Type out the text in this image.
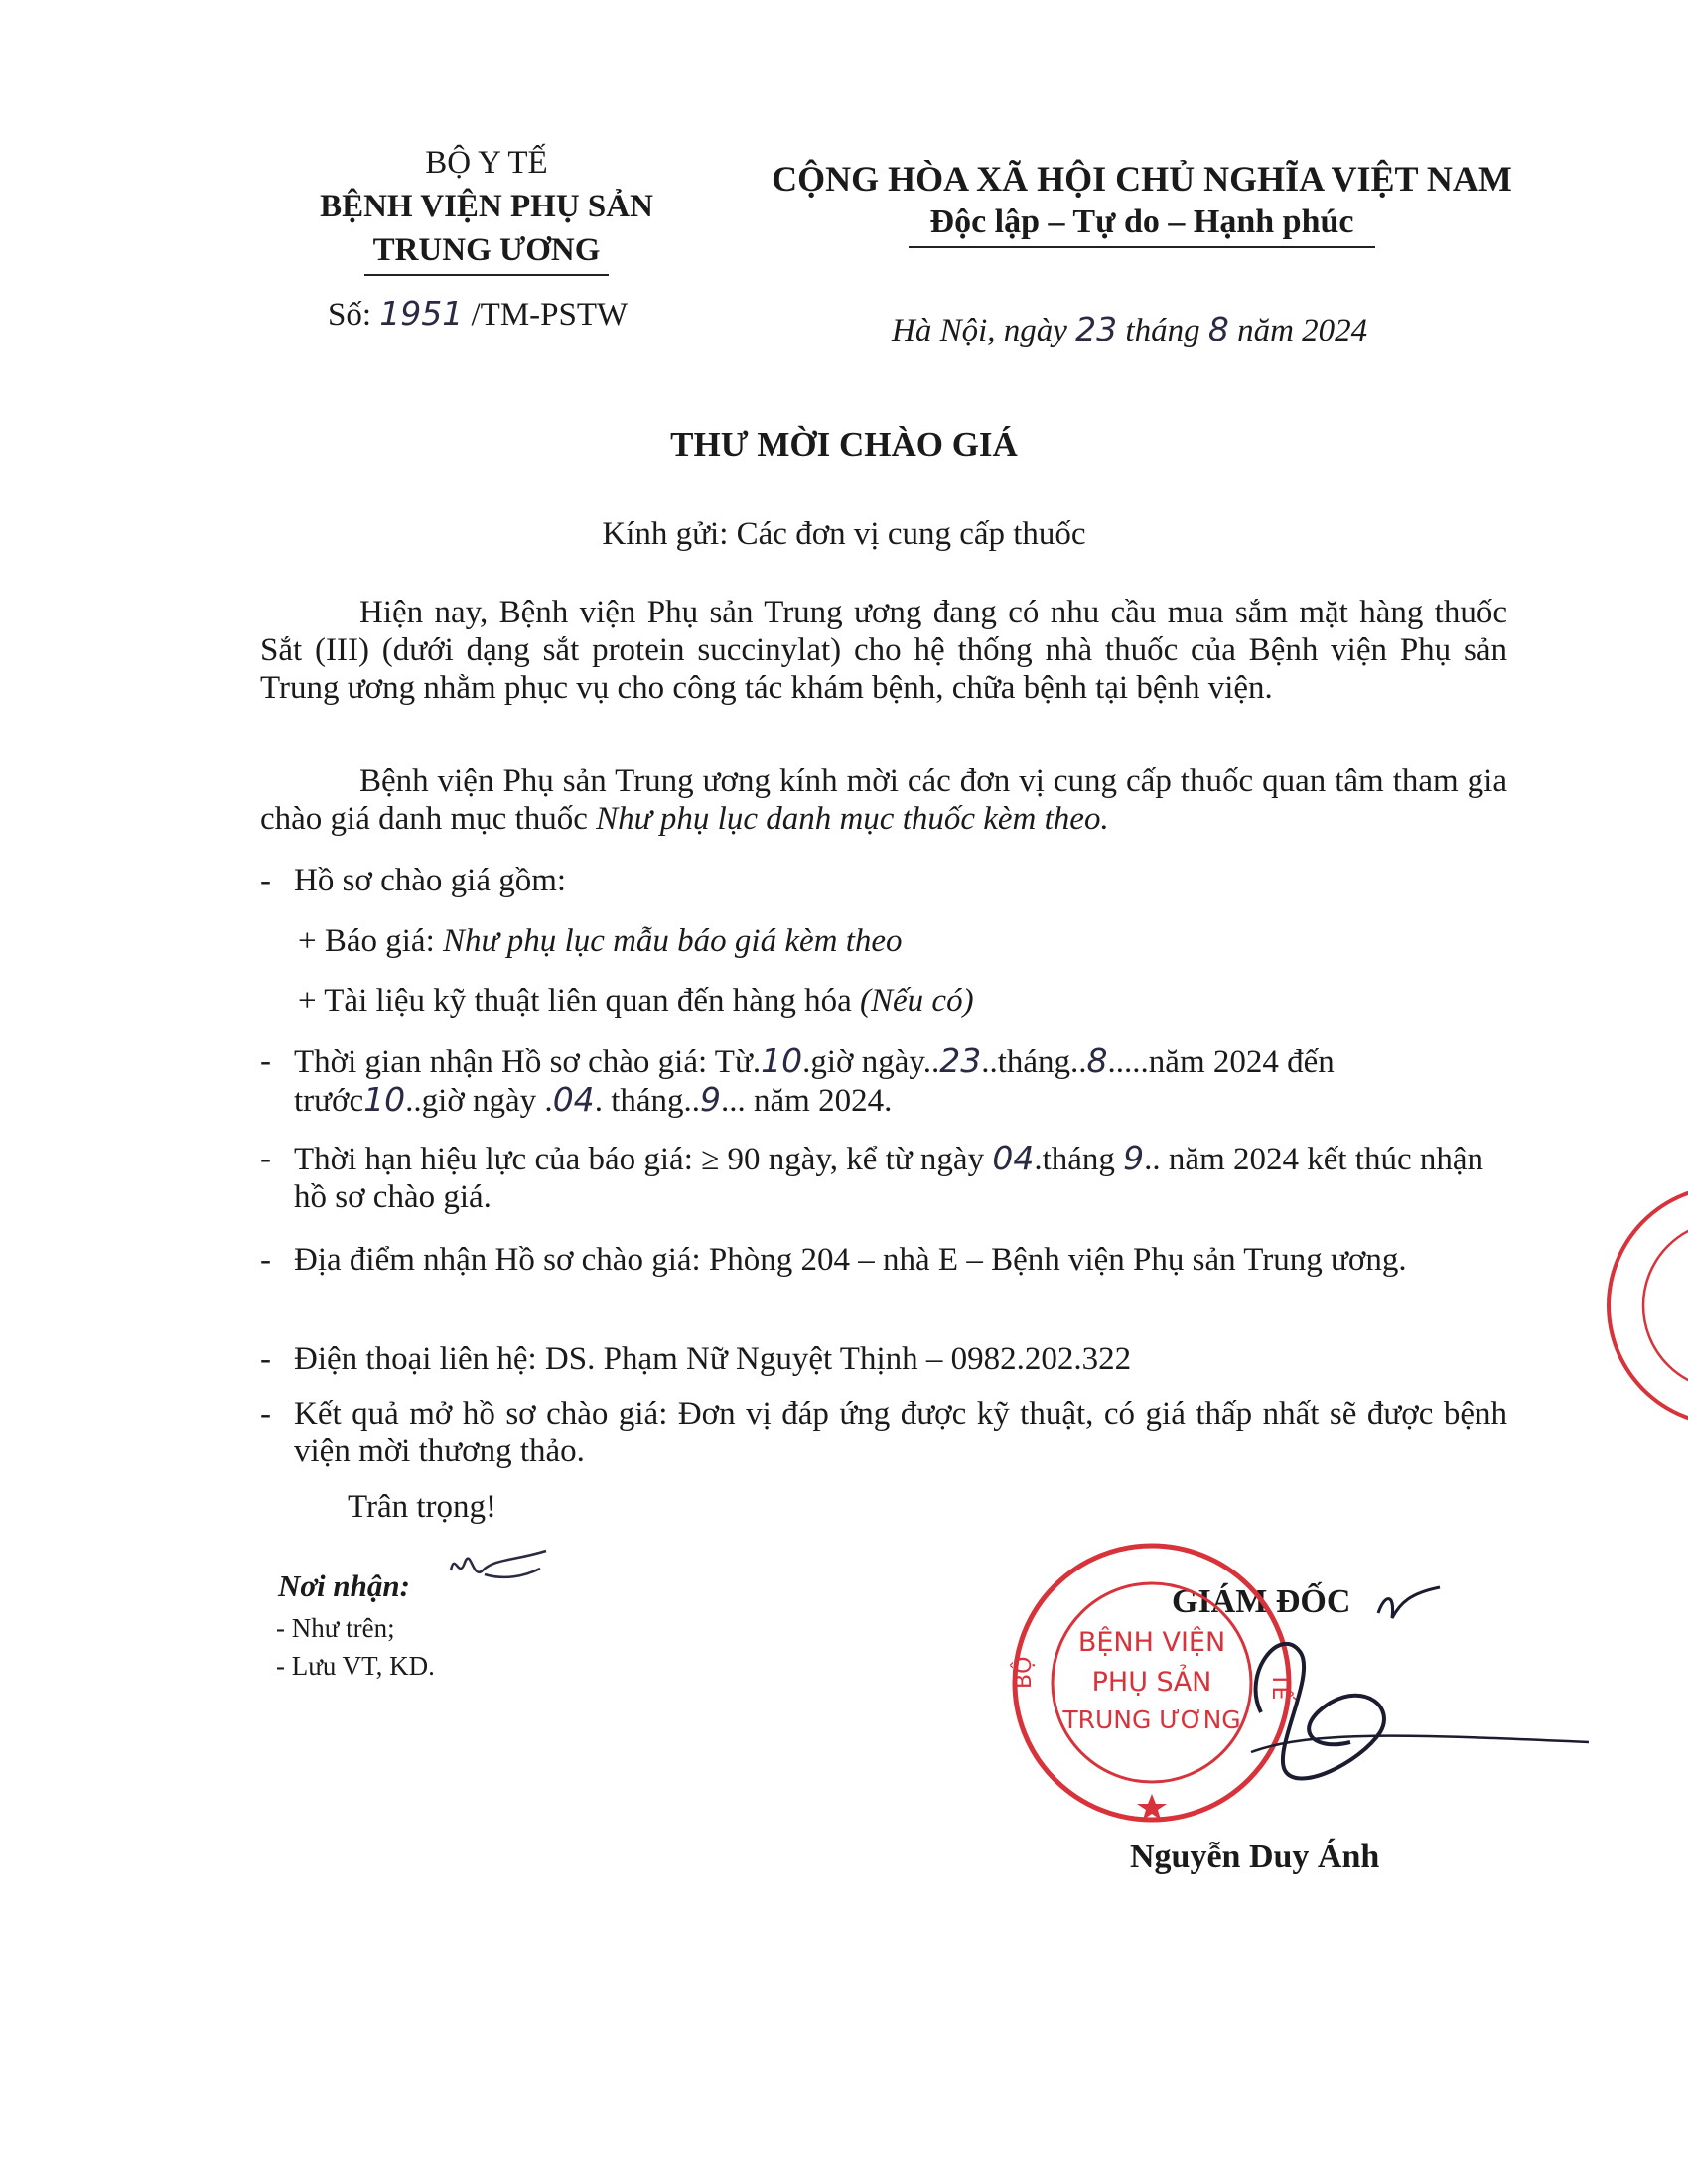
BỘ Y TẾ
BỆNH VIỆN PHỤ SẢN
TRUNG ƯƠNG
CỘNG HÒA XÃ HỘI CHỦ NGHĨA VIỆT NAM
Độc lập – Tự do – Hạnh phúc
Số: 1951 /TM-PSTW	Hà Nội, ngày 23 tháng 8 năm 2024
THƯ MỜI CHÀO GIÁ
Kính gửi: Các đơn vị cung cấp thuốc
Hiện nay, Bệnh viện Phụ sản Trung ương đang có nhu cầu mua sắm mặt hàng thuốc Sắt (III) (dưới dạng sắt protein succinylat) cho hệ thống nhà thuốc của Bệnh viện Phụ sản Trung ương nhằm phục vụ cho công tác khám bệnh, chữa bệnh tại bệnh viện.
Bệnh viện Phụ sản Trung ương kính mời các đơn vị cung cấp thuốc quan tâm tham gia chào giá danh mục thuốc Như phụ lục danh mục thuốc kèm theo.
- Hồ sơ chào giá gồm:
+ Báo giá: Như phụ lục mẫu báo giá kèm theo
+ Tài liệu kỹ thuật liên quan đến hàng hóa (Nếu có)
- Thời gian nhận Hồ sơ chào giá: Từ.10.giờ ngày..23..tháng..8.....năm 2024 đến trước10..giờ ngày .04. tháng..9... năm 2024.
- Thời hạn hiệu lực của báo giá: ≥ 90 ngày, kể từ ngày 04.tháng 9.. năm 2024 kết thúc nhận hồ sơ chào giá.
- Địa điểm nhận Hồ sơ chào giá: Phòng 204 – nhà E – Bệnh viện Phụ sản Trung ương.
- Điện thoại liên hệ: DS. Phạm Nữ Nguyệt Thịnh – 0982.202.322
- Kết quả mở hồ sơ chào giá: Đơn vị đáp ứng được kỹ thuật, có giá thấp nhất sẽ được bệnh viện mời thương thảo.
Trân trọng!
Nơi nhận:
- Như trên;
- Lưu VT, KD.
GIÁM ĐỐC
Nguyễn Duy Ánh
BỘ	TẾ
BỆNH VIỆN
PHỤ SẢN
TRUNG ƯƠNG
